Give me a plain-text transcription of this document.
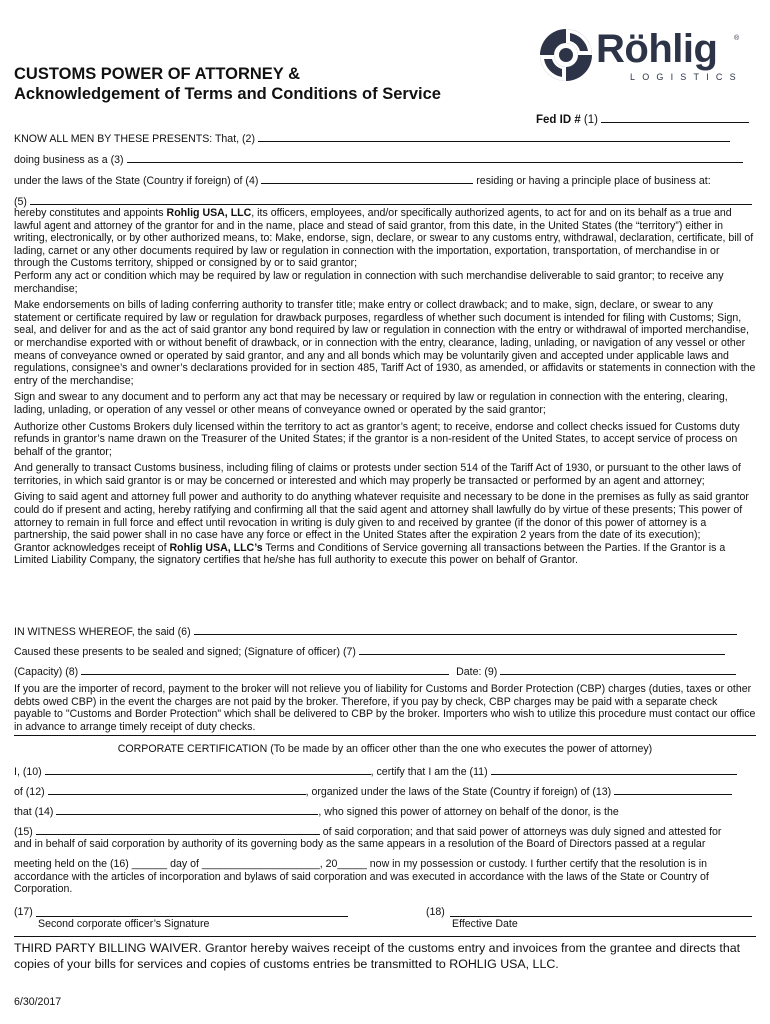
CUSTOMS POWER OF ATTORNEY &
Acknowledgement of Terms and Conditions of Service
Röhlig ®
LOGISTICS
Fed ID # (1)
KNOW ALL MEN BY THESE PRESENTS: That, (2)
doing business as a (3)
under the laws of the State (Country if foreign) of (4)	residing or having a principle place of business at:
(5)

hereby constitutes and appoints Rohlig USA, LLC, its officers, employees, and/or specifically authorized agents, to act for and on its behalf as a true and lawful agent and attorney of the grantor for and in the name, place and stead of said grantor, from this date, in the United States (the “territory”) either in writing, electronically, or by other authorized means, to: Make, endorse, sign, declare, or swear to any customs entry, withdrawal, declaration, certificate, bill of lading, carnet or any other documents required by law or regulation in connection with the importation, exportation, transportation, of merchandise in or through the Customs territory, shipped or consigned by or to said grantor;

Perform any act or condition which may be required by law or regulation in connection with such merchandise deliverable to said grantor; to receive any merchandise;

Make endorsements on bills of lading conferring authority to transfer title; make entry or collect drawback; and to make, sign, declare, or swear to any statement or certificate required by law or regulation for drawback purposes, regardless of whether such document is intended for filing with Customs; Sign, seal, and deliver for and as the act of said grantor any bond required by law or regulation in connection with the entry or withdrawal of imported merchandise, or merchandise exported with or without benefit of drawback, or in connection with the entry, clearance, lading, unlading, or navigation of any vessel or other means of conveyance owned or operated by said grantor, and any and all bonds which may be voluntarily given and accepted under applicable laws and regulations, consignee’s and owner’s declarations provided for in section 485, Tariff Act of 1930, as amended, or affidavits or statements in connection with the entry of the merchandise;

Sign and swear to any document and to perform any act that may be necessary or required by law or regulation in connection with the entering, clearing, lading, unlading, or operation of any vessel or other means of conveyance owned or operated by the said grantor;

Authorize other Customs Brokers duly licensed within the territory to act as grantor’s agent; to receive, endorse and collect checks issued for Customs duty refunds in grantor’s name drawn on the Treasurer of the United States; if the grantor is a non-resident of the United States, to accept service of process on behalf of the grantor;

And generally to transact Customs business, including filing of claims or protests under section 514 of the Tariff Act of 1930, or pursuant to the other laws of territories, in which said grantor is or may be concerned or interested and which may properly be transacted or performed by an agent and attorney;

Giving to said agent and attorney full power and authority to do anything whatever requisite and necessary to be done in the premises as fully as said grantor could do if present and acting, hereby ratifying and confirming all that the said agent and attorney shall lawfully do by virtue of these presents; This power of attorney to remain in full force and effect until revocation in writing is duly given to and received by grantee (if the donor of this power of attorney is a partnership, the said power shall in no case have any force or effect in the United States after the expiration 2 years from the date of its execution);

Grantor acknowledges receipt of Rohlig USA, LLC’s Terms and Conditions of Service governing all transactions between the Parties. If the Grantor is a Limited Liability Company, the signatory certifies that he/she has full authority to execute this power on behalf of Grantor.

IN WITNESS WHEREOF, the said (6)
Caused these presents to be sealed and signed; (Signature of officer) (7)
(Capacity) (8)	Date: (9)
If you are the importer of record, payment to the broker will not relieve you of liability for Customs and Border Protection (CBP) charges (duties, taxes or other debts owed CBP) in the event the charges are not paid by the broker. Therefore, if you pay by check, CBP charges may be paid with a separate check payable to "Customs and Border Protection" which shall be delivered to CBP by the broker. Importers who wish to utilize this procedure must contact our office in advance to arrange timely receipt of duty checks.
CORPORATE CERTIFICATION (To be made by an officer other than the one who executes the power of attorney)
I, (10)	, certify that I am the (11)
of (12)	, organized under the laws of the State (Country if foreign) of (13)
that (14)	, who signed this power of attorney on behalf of the donor, is the
(15)	of said corporation; and that said power of attorneys was duly signed and attested for
and in behalf of said corporation by authority of its governing body as the same appears in a resolution of the Board of Directors passed at a regular
meeting held on the (16) ______ day of ____________________, 20_____ now in my possession or custody. I further certify that the resolution is in accordance with the articles of incorporation and bylaws of said corporation and was executed in accordance with the laws of the State or Country of Corporation.
(17)
Second corporate officer’s Signature
(18)
Effective Date
THIRD PARTY BILLING WAIVER. Grantor hereby waives receipt of the customs entry and invoices from the grantee and directs that copies of your bills for services and copies of customs entries be transmitted to ROHLIG USA, LLC.
6/30/2017
